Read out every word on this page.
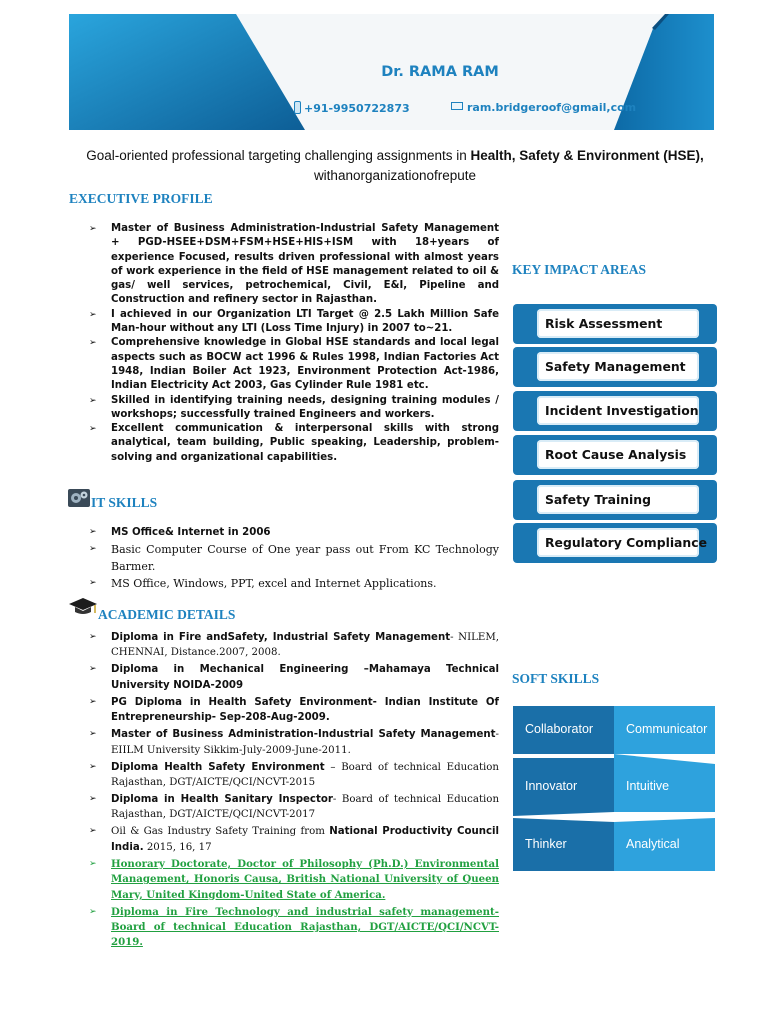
Dr. RAMA RAM
+91-9950722873	ram.bridgeroof@gmail,com
Goal-oriented professional targeting challenging assignments in Health, Safety & Environment (HSE),
withanorganizationofrepute
EXECUTIVE PROFILE
➢ Master of Business Administration-Industrial Safety Management + PGD-HSEE+DSM+FSM+HSE+HIS+ISM with 18+years of experience Focused, results driven professional with almost years of work experience in the field of HSE management related to oil & gas/ well services, petrochemical, Civil, E&I, Pipeline and Construction and refinery sector in Rajasthan.
➢ I achieved in our Organization LTI Target @ 2.5 Lakh Million Safe Man-hour without any LTI (Loss Time Injury) in 2007 to~21.
➢ Comprehensive knowledge in Global HSE standards and local legal aspects such as BOCW act 1996 & Rules 1998, Indian Factories Act 1948, Indian Boiler Act 1923, Environment Protection Act-1986, Indian Electricity Act 2003, Gas Cylinder Rule 1981 etc.
➢ Skilled in identifying training needs, designing training modules / workshops; successfully trained Engineers and workers.
➢ Excellent communication & interpersonal skills with strong analytical, team building, Public speaking, Leadership, problem-solving and organizational capabilities.
IT SKILLS
➢ MS Office& Internet in 2006
➢ Basic Computer Course of One year pass out From KC Technology Barmer.
➢ MS Office, Windows, PPT, excel and Internet Applications.
ACADEMIC DETAILS
➢ Diploma in Fire andSafety, Industrial Safety Management- NILEM, CHENNAI, Distance.2007, 2008.
➢ Diploma in Mechanical Engineering –Mahamaya Technical University NOIDA-2009
➢ PG Diploma in Health Safety Environment- Indian Institute Of Entrepreneurship- Sep-208-Aug-2009.
➢ Master of Business Administration-Industrial Safety Management- EIILM University Sikkim-July-2009-June-2011.
➢ Diploma Health Safety Environment – Board of technical Education Rajasthan, DGT/AICTE/QCI/NCVT-2015
➢ Diploma in Health Sanitary Inspector- Board of technical Education Rajasthan, DGT/AICTE/QCI/NCVT-2017
➢ Oil & Gas Industry Safety Training from National Productivity Council India. 2015, 16, 17
➢ Honorary Doctorate, Doctor of Philosophy (Ph.D.) Environmental Management, Honoris Causa, British National University of Queen Mary, United Kingdom-United State of America.
➢ Diploma in Fire Technology and industrial safety management- Board of technical Education Rajasthan, DGT/AICTE/QCI/NCVT-2019.
KEY IMPACT AREAS
Risk Assessment
Safety Management
Incident Investigation
Root Cause Analysis
Safety Training
Regulatory Compliance
SOFT SKILLS
Collaborator	Communicator
Innovator	Intuitive
Thinker	Analytical
